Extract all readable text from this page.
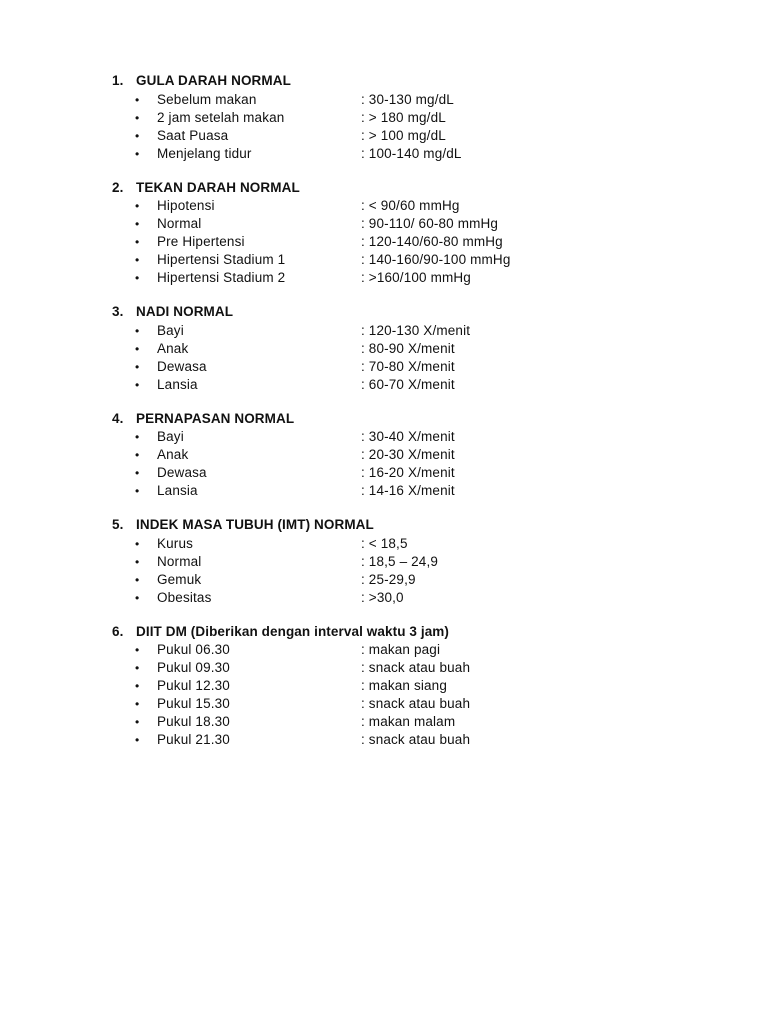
1. GULA DARAH NORMAL
•	Sebelum makan	: 30-130 mg/dL
•	2 jam setelah makan	: > 180 mg/dL
•	Saat Puasa	: > 100 mg/dL
•	Menjelang tidur	: 100-140 mg/dL
2. TEKAN DARAH NORMAL
•	Hipotensi	: < 90/60 mmHg
•	Normal	: 90-110/ 60-80 mmHg
•	Pre Hipertensi	: 120-140/60-80 mmHg
•	Hipertensi Stadium 1	: 140-160/90-100 mmHg
•	Hipertensi Stadium 2	: >160/100 mmHg
3. NADI NORMAL
•	Bayi	: 120-130 X/menit
•	Anak	: 80-90 X/menit
•	Dewasa	: 70-80 X/menit
•	Lansia	: 60-70 X/menit
4. PERNAPASAN NORMAL
•	Bayi	: 30-40 X/menit
•	Anak	: 20-30 X/menit
•	Dewasa	: 16-20 X/menit
•	Lansia	: 14-16 X/menit
5. INDEK MASA TUBUH (IMT) NORMAL
•	Kurus	: < 18,5
•	Normal	: 18,5 – 24,9
•	Gemuk	: 25-29,9
•	Obesitas	: >30,0
6. DIIT DM (Diberikan dengan interval waktu 3 jam)
•	Pukul 06.30	: makan pagi
•	Pukul 09.30	: snack atau buah
•	Pukul 12.30	: makan siang
•	Pukul 15.30	: snack atau buah
•	Pukul 18.30	: makan malam
•	Pukul 21.30	: snack atau buah
